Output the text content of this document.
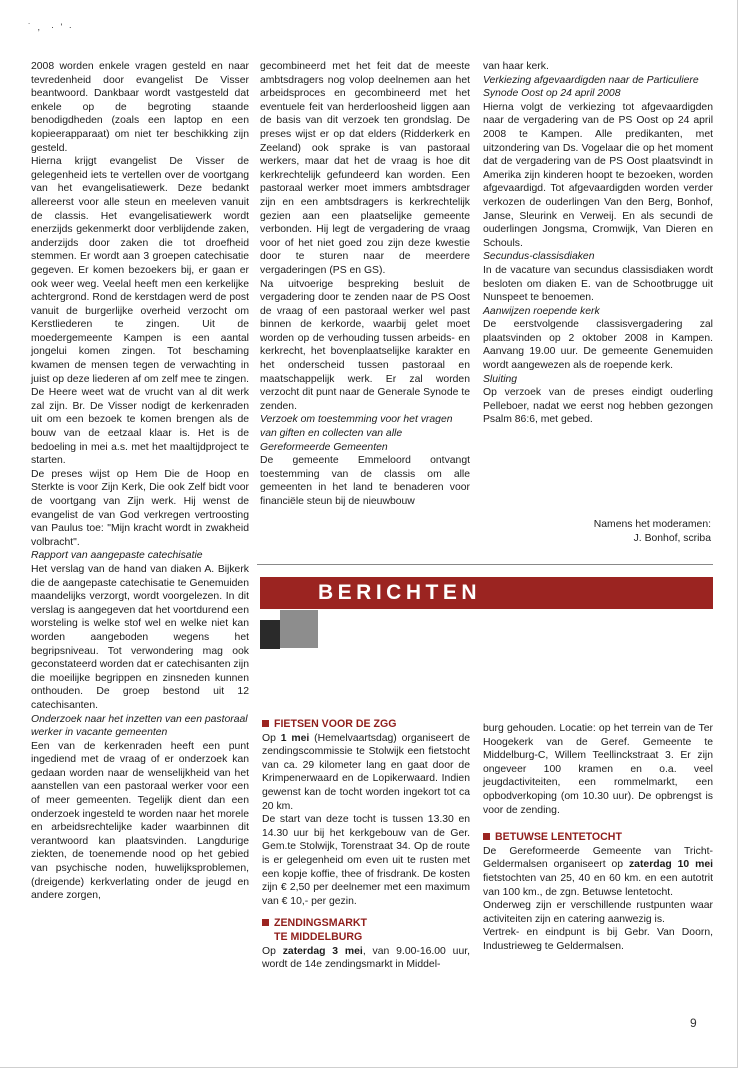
˙ ,  · ' ·

2008 worden enkele vragen gesteld en naar tevredenheid door evangelist De Visser beantwoord. Dankbaar wordt vastgesteld dat enkele op de begroting staande benodigdheden (zoals een laptop en een kopieerapparaat) om niet ter beschikking zijn gesteld.

Hierna krijgt evangelist De Visser de gelegenheid iets te vertellen over de voortgang van het evangelisatiewerk. Deze bedankt allereerst voor alle steun en meeleven vanuit de classis. Het evangelisatiewerk wordt enerzijds gekenmerkt door verblijdende zaken, anderzijds door zaken die tot droefheid stemmen. Er wordt aan 3 groepen catechisatie gegeven. Er komen bezoekers bij, er gaan er ook weer weg. Veelal heeft men een kerkelijke achtergrond. Rond de kerstdagen werd de post vanuit de burgerlijke overheid verzocht om Kerstliederen te zingen. Uit de moedergemeente Kampen is een aantal jongelui komen zingen. Tot beschaming kwamen de mensen tegen de verwachting in juist op deze liederen af om zelf mee te zingen. De Heere weet wat de vrucht van al dit werk zal zijn. Br. De Visser nodigt de kerkenraden uit om een bezoek te komen brengen als de bouw van de eetzaal klaar is. Het is de bedoeling in mei a.s. met het maaltijdproject te starten.

De preses wijst op Hem Die de Hoop en Sterkte is voor Zijn Kerk, Die ook Zelf bidt voor de voortgang van Zijn werk. Hij wenst de evangelist de van God verkregen vertroosting van Paulus toe: "Mijn kracht wordt in zwakheid volbracht".

Rapport van aangepaste catechisatie

Het verslag van de hand van diaken A. Bijkerk die de aangepaste catechisatie te Genemuiden maandelijks verzorgt, wordt voorgelezen. In dit verslag is aangegeven dat het voortdurend een worsteling is welke stof wel en welke niet kan worden aangeboden wegens het begripsniveau. Tot verwondering mag ook geconstateerd worden dat er catechisanten zijn die moeilijke begrippen en zinsneden kunnen onthouden. De groep bestond uit 12 catechisanten.

Onderzoek naar het inzetten van een pastoraal werker in vacante gemeenten

Een van de kerkenraden heeft een punt ingediend met de vraag of er onderzoek kan gedaan worden naar de wenselijkheid van het aanstellen van een pastoraal werker voor een of meer gemeenten. Tegelijk dient dan een onderzoek ingesteld te worden naar het morele en arbeidsrechtelijke kader waarbinnen dit verantwoord kan plaatsvinden. Langdurige ziekten, de toenemende nood op het gebied van psychische noden, huwelijksproblemen, (dreigende) kerkverlating onder de jeugd en andere zorgen,

gecombineerd met het feit dat de meeste ambtsdragers nog volop deelnemen aan het arbeidsproces en gecombineerd met het eventuele feit van herderloosheid liggen aan de basis van dit verzoek ten grondslag. De preses wijst er op dat elders (Ridderkerk en Zeeland) ook sprake is van pastoraal werkers, maar dat het de vraag is hoe dit kerkrechtelijk gefundeerd kan worden. Een pastoraal werker moet immers ambtsdrager zijn en een ambtsdragers is kerkrechtelijk gezien aan een plaatselijke gemeente verbonden. Hij legt de vergadering de vraag voor of het niet goed zou zijn deze kwestie door te sturen naar de meerdere vergaderingen (PS en GS).

Na uitvoerige bespreking besluit de vergadering door te zenden naar de PS Oost de vraag of een pastoraal werker wel past binnen de kerkorde, waarbij gelet moet worden op de verhouding tussen arbeids- en kerkrecht, het bovenplaatselijke karakter en het onderscheid tussen pastoraal en maatschappelijk werk. Er zal worden verzocht dit punt naar de Generale Synode te zenden.

Verzoek om toestemming voor het vragen van giften en collecten van alle Gereformeerde Gemeenten

De gemeente Emmeloord ontvangt toestemming van de classis om alle gemeenten in het land te benaderen voor financiële steun bij de nieuwbouw

van haar kerk.

Verkiezing afgevaardigden naar de Particuliere Synode Oost op 24 april 2008

Hierna volgt de verkiezing tot afgevaardigden naar de vergadering van de PS Oost op 24 april 2008 te Kampen. Alle predikanten, met uitzondering van Ds. Vogelaar die op het moment dat de vergadering van de PS Oost plaatsvindt in Amerika zijn kinderen hoopt te bezoeken, worden afgevaardigd. Tot afgevaardigden worden verder verkozen de ouderlingen Van den Berg, Bonhof, Janse, Sleurink en Verweij. En als secundi de ouderlingen Jongsma, Cromwijk, Van Dieren en Schouls.

Secundus-classisdiaken

In de vacature van secundus classisdiaken wordt besloten om diaken E. van de Schootbrugge uit Nunspeet te benoemen.

Aanwijzen roepende kerk

De eerstvolgende classisvergadering zal plaatsvinden op 2 oktober 2008 in Kampen. Aanvang 19.00 uur. De gemeente Genemuiden wordt aangewezen als de roepende kerk.

Sluiting

Op verzoek van de preses eindigt ouderling Pelleboer, nadat we eerst nog hebben gezongen Psalm 86:6, met gebed.

Namens het moderamen:
J. Bonhof, scriba
BERICHTEN

FIETSEN VOOR DE ZGG

Op 1 mei (Hemelvaartsdag) organiseert de zendingscommissie te Stolwijk een fietstocht van ca. 29 kilometer lang en gaat door de Krimpenerwaard en de Lopikerwaard. Indien gewenst kan de tocht worden ingekort tot ca 20 km.

De start van deze tocht is tussen 13.30 en 14.30 uur bij het kerkgebouw van de Ger. Gem.te Stolwijk, Torenstraat 34. Op de route is er gelegenheid om even uit te rusten met een kopje koffie, thee of frisdrank. De kosten zijn € 2,50 per deelnemer met een maximum van € 10,- per gezin.

ZENDINGSMARKT
TE MIDDELBURG

Op zaterdag 3 mei, van 9.00-16.00 uur, wordt de 14e zendingsmarkt in Middel-

burg gehouden. Locatie: op het terrein van de Ter Hoogekerk van de Geref. Gemeente te Middelburg-C, Willem Teellinckstraat 3. Er zijn ongeveer 100 kramen en o.a. veel jeugdactiviteiten, een rommelmarkt, een opbodverkoping (om 10.30 uur). De opbrengst is voor de zending.

BETUWSE LENTETOCHT

De Gereformeerde Gemeente van Tricht-Geldermalsen organiseert op zaterdag 10 mei fietstochten van 25, 40 en 60 km. en een autotrit van 100 km., de zgn. Betuwse lentetocht.

Onderweg zijn er verschillende rustpunten waar activiteiten zijn en catering aanwezig is.

Vertrek- en eindpunt is bij Gebr. Van Doorn, Industrieweg te Geldermalsen.

9
